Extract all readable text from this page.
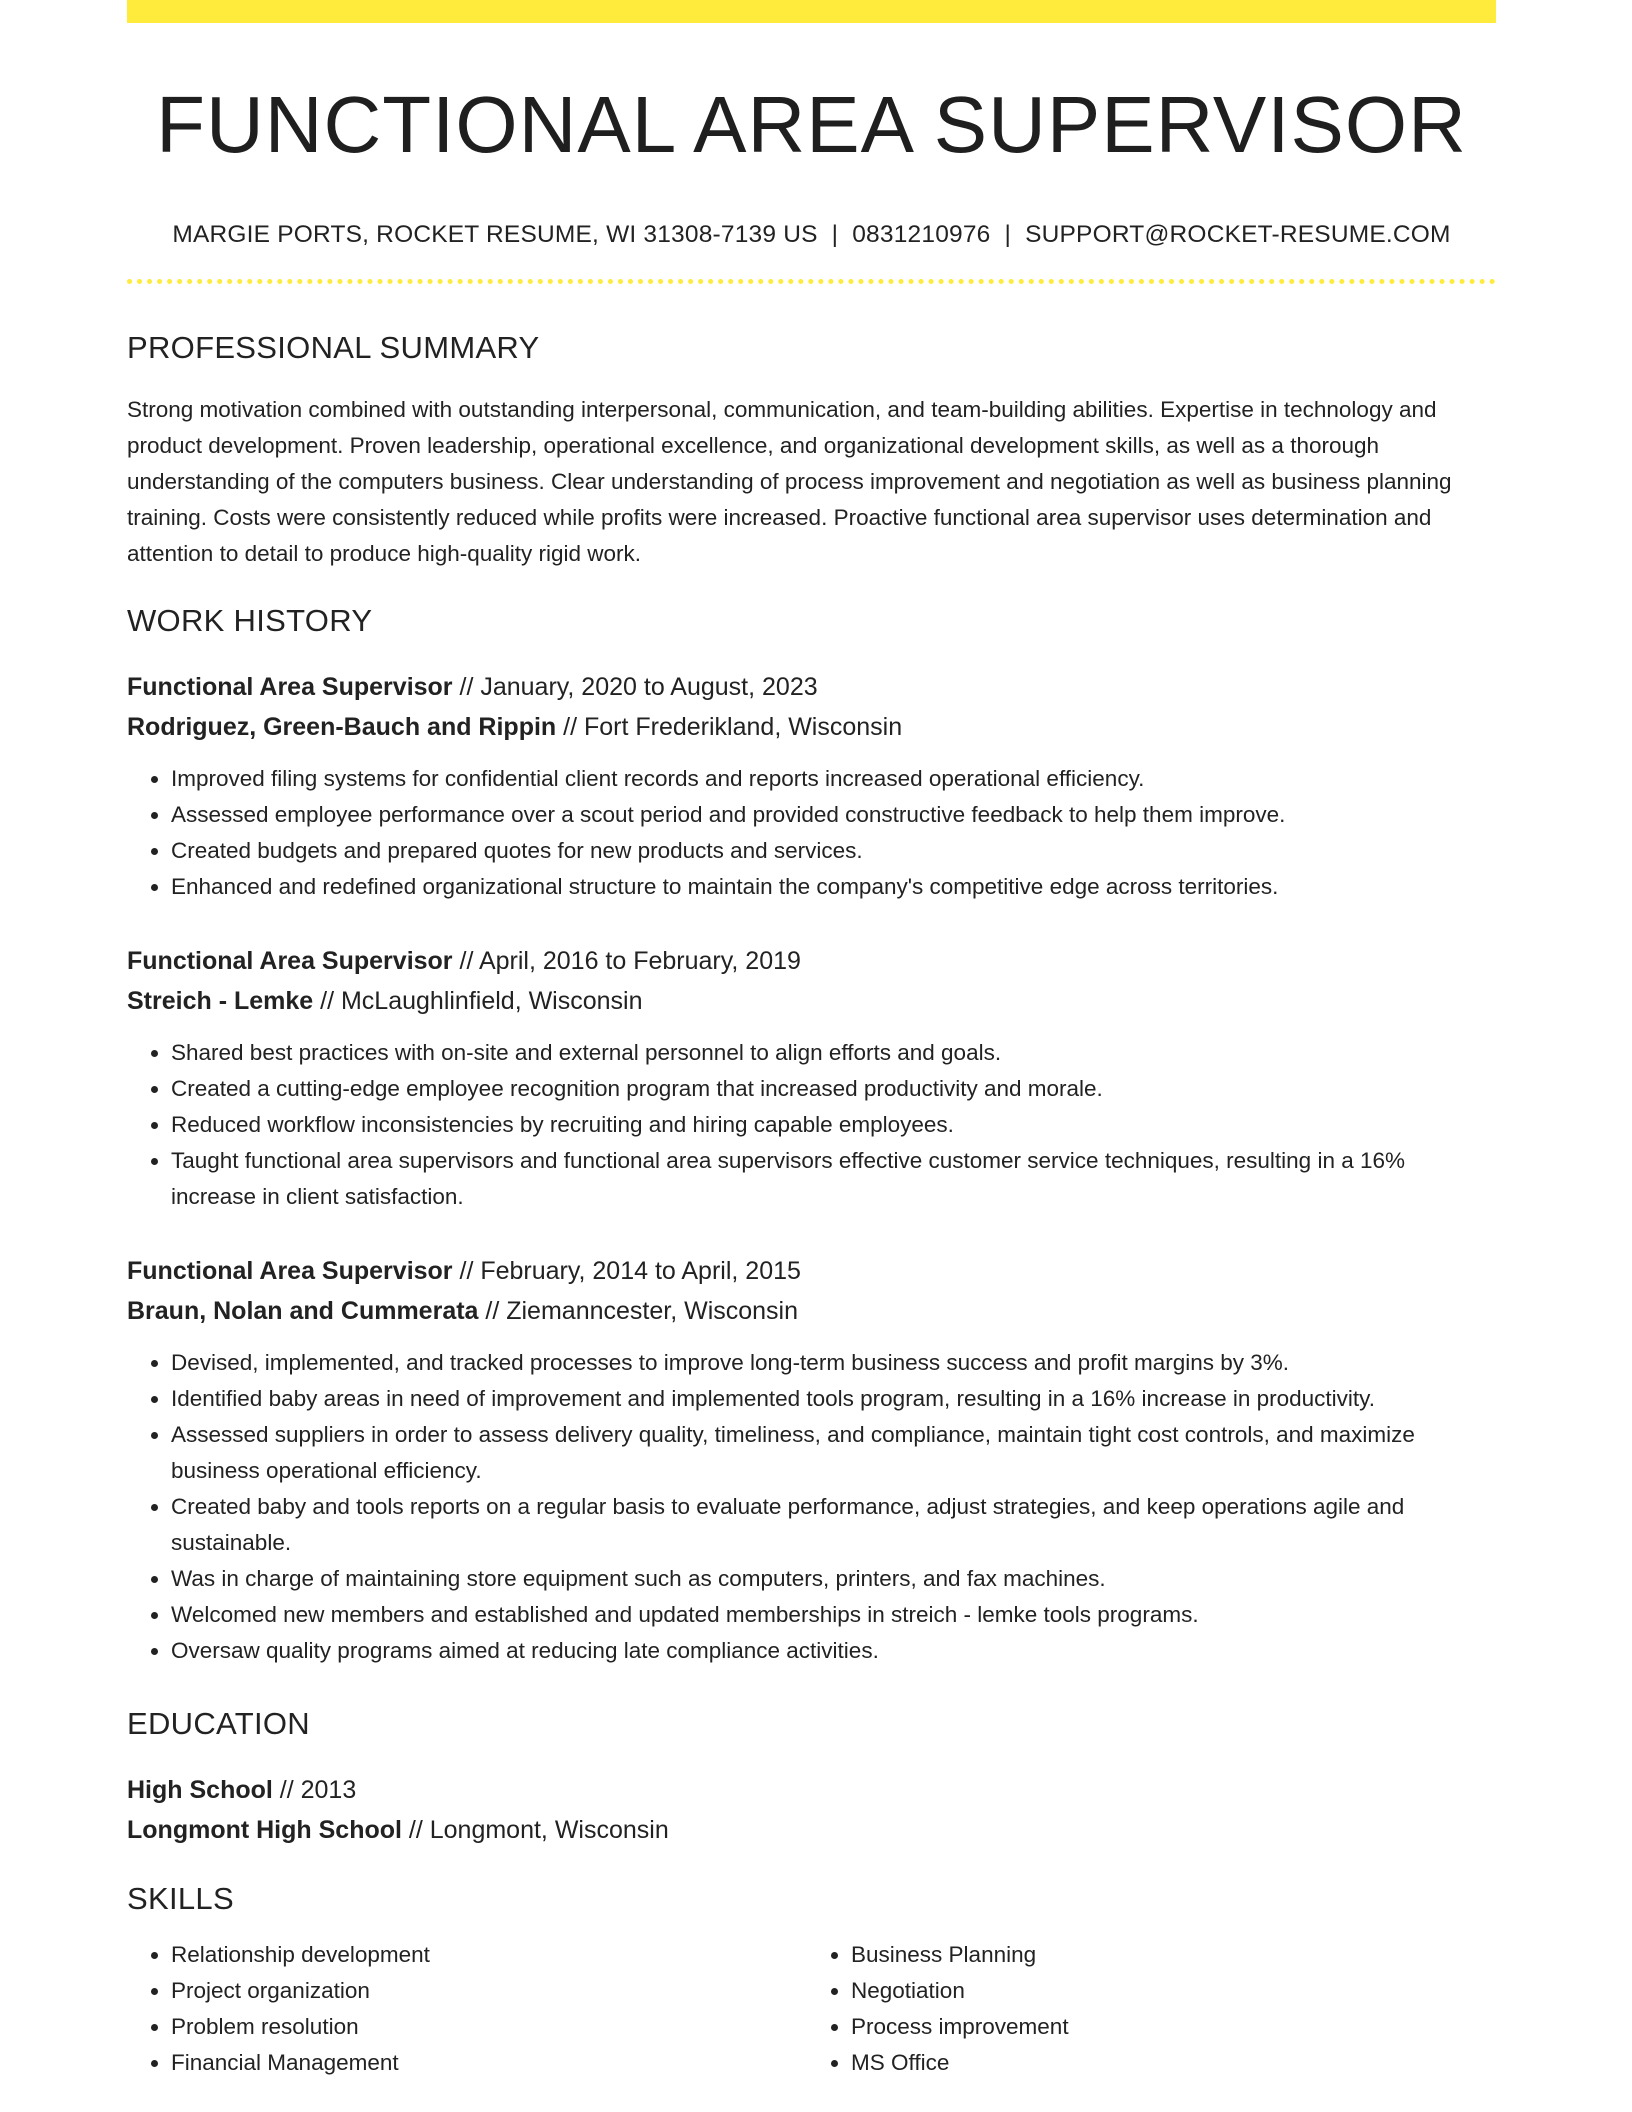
FUNCTIONAL AREA SUPERVISOR
MARGIE PORTS, ROCKET RESUME, WI 31308-7139 US | 0831210976 | SUPPORT@ROCKET-RESUME.COM
PROFESSIONAL SUMMARY

Strong motivation combined with outstanding interpersonal, communication, and team-building abilities. Expertise in technology and product development. Proven leadership, operational excellence, and organizational development skills, as well as a thorough understanding of the computers business. Clear understanding of process improvement and negotiation as well as business planning training. Costs were consistently reduced while profits were increased. Proactive functional area supervisor uses determination and attention to detail to produce high-quality rigid work.

WORK HISTORY
Functional Area Supervisor // January, 2020 to August, 2023
Rodriguez, Green-Bauch and Rippin // Fort Frederikland, Wisconsin
• Improved filing systems for confidential client records and reports increased operational efficiency.
• Assessed employee performance over a scout period and provided constructive feedback to help them improve.
• Created budgets and prepared quotes for new products and services.
• Enhanced and redefined organizational structure to maintain the company's competitive edge across territories.
Functional Area Supervisor // April, 2016 to February, 2019
Streich - Lemke // McLaughlinfield, Wisconsin
• Shared best practices with on-site and external personnel to align efforts and goals.
• Created a cutting-edge employee recognition program that increased productivity and morale.
• Reduced workflow inconsistencies by recruiting and hiring capable employees.
• Taught functional area supervisors and functional area supervisors effective customer service techniques, resulting in a 16% increase in client satisfaction.
Functional Area Supervisor // February, 2014 to April, 2015
Braun, Nolan and Cummerata // Ziemanncester, Wisconsin
• Devised, implemented, and tracked processes to improve long-term business success and profit margins by 3%.
• Identified baby areas in need of improvement and implemented tools program, resulting in a 16% increase in productivity.
• Assessed suppliers in order to assess delivery quality, timeliness, and compliance, maintain tight cost controls, and maximize business operational efficiency.
• Created baby and tools reports on a regular basis to evaluate performance, adjust strategies, and keep operations agile and sustainable.
• Was in charge of maintaining store equipment such as computers, printers, and fax machines.
• Welcomed new members and established and updated memberships in streich - lemke tools programs.
• Oversaw quality programs aimed at reducing late compliance activities.
EDUCATION
High School // 2013
Longmont High School // Longmont, Wisconsin
SKILLS
• Relationship development
• Project organization
• Problem resolution
• Financial Management
• Business Planning
• Negotiation
• Process improvement
• MS Office
